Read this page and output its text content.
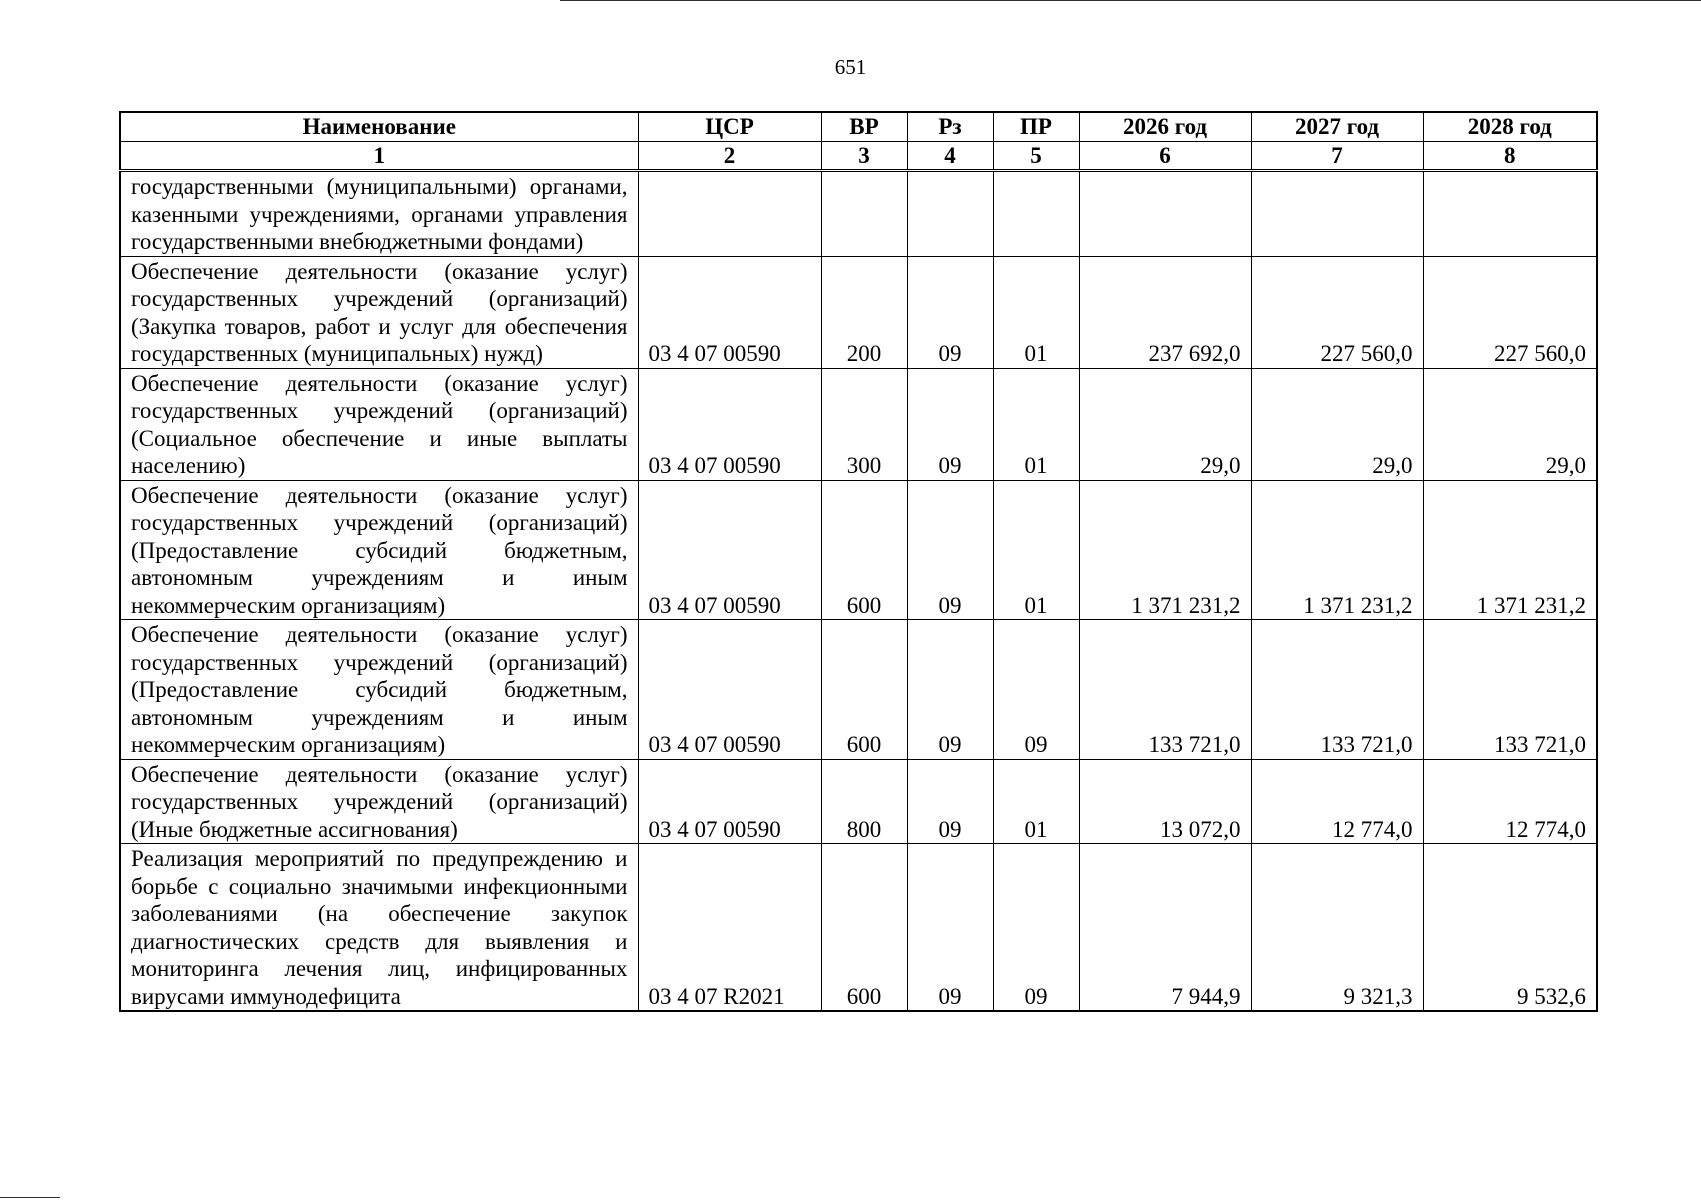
651
Наименование	ЦСР	ВР	Рз	ПР	2026 год	2027 год	2028 год
1	2	3	4	5	6	7	8
государственными (муниципальными) органами, казенными учреждениями, органами управления государственными внебюджетными фондами)							
Обеспечение деятельности (оказание услуг) государственных учреждений (организаций) (Закупка товаров, работ и услуг для обеспечения государственных (муниципальных) нужд)	03 4 07 00590	200	09	01	237 692,0	227 560,0	227 560,0
Обеспечение деятельности (оказание услуг) государственных учреждений (организаций) (Социальное обеспечение и иные выплаты населению)	03 4 07 00590	300	09	01	29,0	29,0	29,0
Обеспечение деятельности (оказание услуг) государственных учреждений (организаций) (Предоставление субсидий бюджетным, автономным учреждениям и иным некоммерческим организациям)	03 4 07 00590	600	09	01	1 371 231,2	1 371 231,2	1 371 231,2
Обеспечение деятельности (оказание услуг) государственных учреждений (организаций) (Предоставление субсидий бюджетным, автономным учреждениям и иным некоммерческим организациям)	03 4 07 00590	600	09	09	133 721,0	133 721,0	133 721,0
Обеспечение деятельности (оказание услуг) государственных учреждений (организаций) (Иные бюджетные ассигнования)	03 4 07 00590	800	09	01	13 072,0	12 774,0	12 774,0
Реализация мероприятий по предупреждению и борьбе с социально значимыми инфекционными заболеваниями (на обеспечение закупок диагностических средств для выявления и мониторинга лечения лиц, инфицированных вирусами иммунодефицита	03 4 07 R2021	600	09	09	7 944,9	9 321,3	9 532,6
